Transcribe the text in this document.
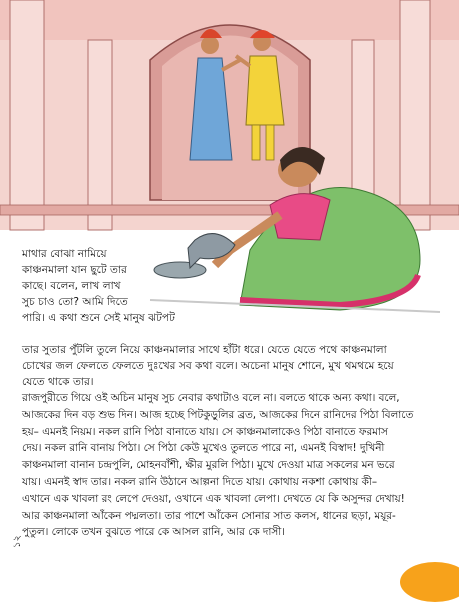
মাথার বোঝা নামিয়ে
কাঞ্চনমালা যান ছুটে তার
কাছে। বলেন, লাখ লাখ
সুচ চাও তো? আমি দিতে
পারি। এ কথা শুনে সেই মানুষ ঝটপট
তার সুতার পুঁটলি তুলে নিয়ে কাঞ্চনমালার সাথে হাঁটা ধরে। যেতে যেতে পথে কাঞ্চনমালা
চোখের জল ফেলতে ফেলতে দুঃখের সব কথা বলে। অচেনা মানুষ শোনে, মুখ থমথমে হয়ে
যেতে থাকে তার।
রাজপুরীতে গিয়ে ওই অচিন মানুষ সুচ নেবার কথাটাও বলে না। বলতে থাকে অন্য কথা। বলে,
আজকের দিন বড় শুভ দিন। আজ হচ্ছে পিটকুড়ুলির ব্রত, আজকের দিনে রানিদের পিঠা বিলাতে
হয়– এমনই নিয়ম। নকল রানি পিঠা বানাতে যায়। সে কাঞ্চনমালাকেও পিঠা বানাতে ফরমাস
দেয়। নকল রানি বানায় পিঠা। সে পিঠা কেউ মুখেও তুলতে পারে না, এমনই বিস্বাদ! দুখিনী
কাঞ্চনমালা বানান চন্দ্রপুলি, মোহনবাঁশী, ক্ষীর মুরলি পিঠা। মুখে দেওয়া মাত্র সকলের মন ভরে
যায়। এমনই স্বাদ তার। নকল রানি উঠানে আল্পনা দিতে যায়। কোথায় নকশা কোথায় কী–
এখানে এক খাবলা রং লেপে দেওয়া, ওখানে এক খাবলা লেপা। দেখতে যে কি অসুন্দর দেখায়!
আর কাঞ্চনমালা আঁকেন পদ্মলতা। তার পাশে আঁকেন সোনার সাত কলস, ধানের ছড়া, ময়ূর-
পুতুল। লোকে তখন বুঝতে পারে কে আসল রানি, আর কে দাসী।
১২
